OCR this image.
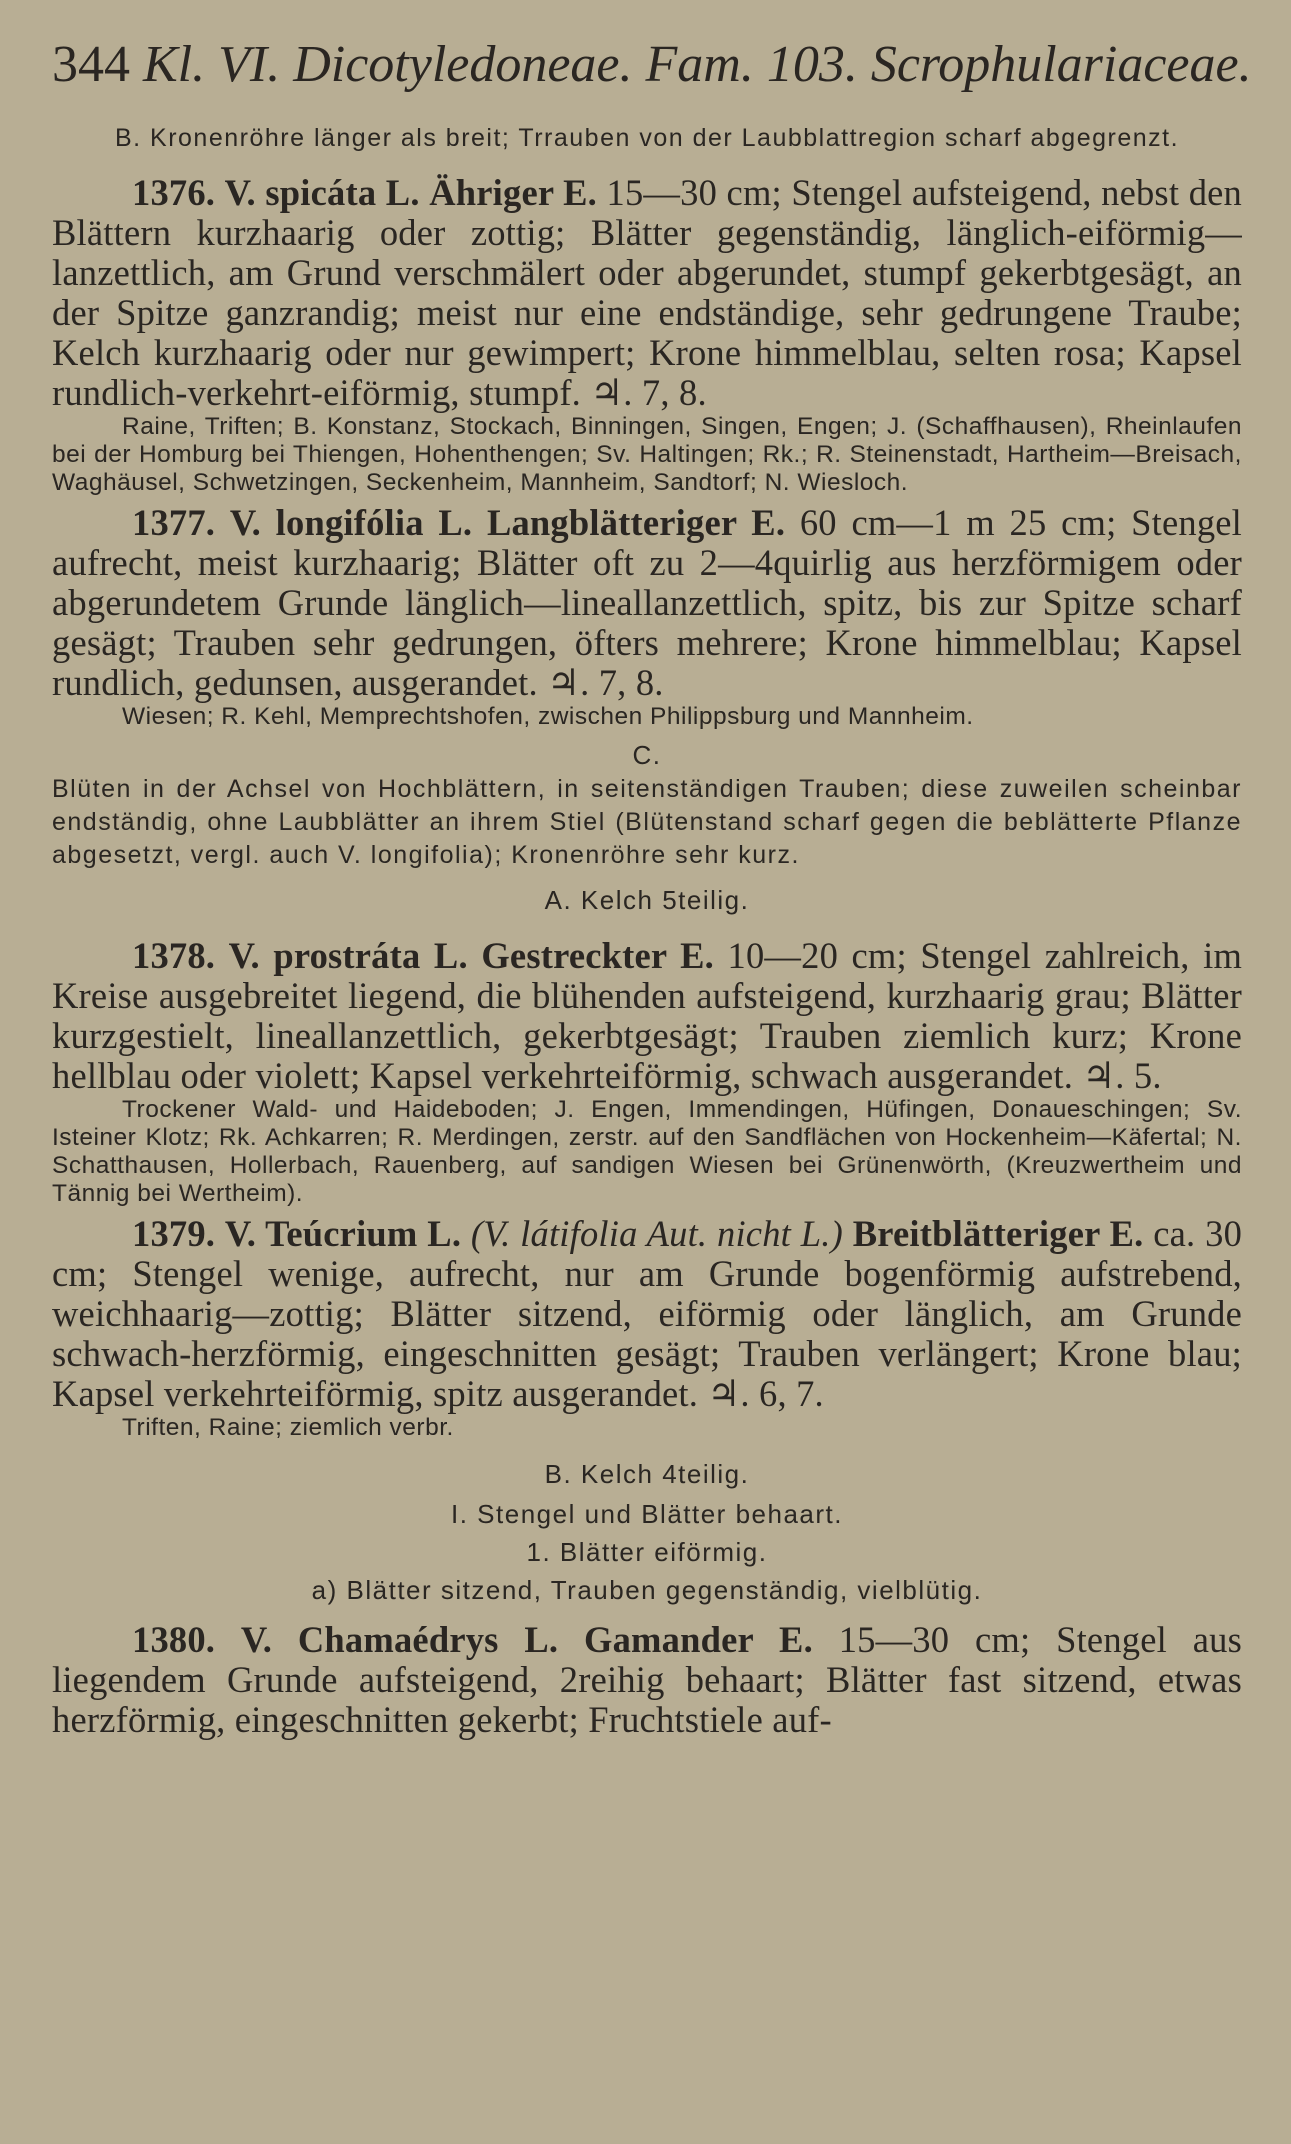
344 Kl. VI. Dicotyledoneae. Fam. 103. Scrophulariaceae.

B. Kronenröhre länger als breit; Trrauben von der Laubblattregion scharf abgegrenzt.

1376. V. spicáta L. Ähriger E. 15—30 cm; Stengel aufsteigend, nebst den Blättern kurzhaarig oder zottig; Blätter gegenständig, länglich-eiförmig—lanzettlich, am Grund verschmälert oder abgerundet, stumpf gekerbtgesägt, an der Spitze ganzrandig; meist nur eine endständige, sehr gedrungene Traube; Kelch kurzhaarig oder nur gewimpert; Krone himmelblau, selten rosa; Kapsel rundlich-verkehrt-eiförmig, stumpf. ♃. 7, 8.

Raine, Triften; B. Konstanz, Stockach, Binningen, Singen, Engen; J. (Schaffhausen), Rheinlaufen bei der Homburg bei Thiengen, Hohenthengen; Sv. Haltingen; Rk.; R. Steinenstadt, Hartheim—Breisach, Waghäusel, Schwetzingen, Seckenheim, Mannheim, Sandtorf; N. Wiesloch.

1377. V. longifólia L. Langblätteriger E. 60 cm—1 m 25 cm; Stengel aufrecht, meist kurzhaarig; Blätter oft zu 2—4quirlig aus herzförmigem oder abgerundetem Grunde länglich—lineallanzettlich, spitz, bis zur Spitze scharf gesägt; Trauben sehr gedrungen, öfters mehrere; Krone himmelblau; Kapsel rundlich, gedunsen, ausgerandet. ♃. 7, 8.

Wiesen; R. Kehl, Memprechtshofen, zwischen Philippsburg und Mannheim.

C.

Blüten in der Achsel von Hochblättern, in seitenständigen Trauben; diese zuweilen scheinbar endständig, ohne Laubblätter an ihrem Stiel (Blütenstand scharf gegen die beblätterte Pflanze abgesetzt, vergl. auch V. longifolia); Kronenröhre sehr kurz.

A. Kelch 5teilig.

1378. V. prostráta L. Gestreckter E. 10—20 cm; Stengel zahlreich, im Kreise ausgebreitet liegend, die blühenden aufsteigend, kurzhaarig grau; Blätter kurzgestielt, lineallanzettlich, gekerbtgesägt; Trauben ziemlich kurz; Krone hellblau oder violett; Kapsel verkehrteiförmig, schwach ausgerandet. ♃. 5.

Trockener Wald- und Haideboden; J. Engen, Immendingen, Hüfingen, Donaueschingen; Sv. Isteiner Klotz; Rk. Achkarren; R. Merdingen, zerstr. auf den Sandflächen von Hockenheim—Käfertal; N. Schatthausen, Hollerbach, Rauenberg, auf sandigen Wiesen bei Grünenwörth, (Kreuzwertheim und Tännig bei Wertheim).

1379. V. Teúcrium L. (V. látifolia Aut. nicht L.) Breitblätteriger E. ca. 30 cm; Stengel wenige, aufrecht, nur am Grunde bogenförmig aufstrebend, weichhaarig—zottig; Blätter sitzend, eiförmig oder länglich, am Grunde schwach-herzförmig, eingeschnitten gesägt; Trauben verlängert; Krone blau; Kapsel verkehrteiförmig, spitz ausgerandet. ♃. 6, 7.

Triften, Raine; ziemlich verbr.

B. Kelch 4teilig.
I. Stengel und Blätter behaart.
1. Blätter eiförmig.
a) Blätter sitzend, Trauben gegenständig, vielblütig.

1380. V. Chamaédrys L. Gamander E. 15—30 cm; Stengel aus liegendem Grunde aufsteigend, 2reihig behaart; Blätter fast sitzend, etwas herzförmig, eingeschnitten gekerbt; Fruchtstiele auf-
